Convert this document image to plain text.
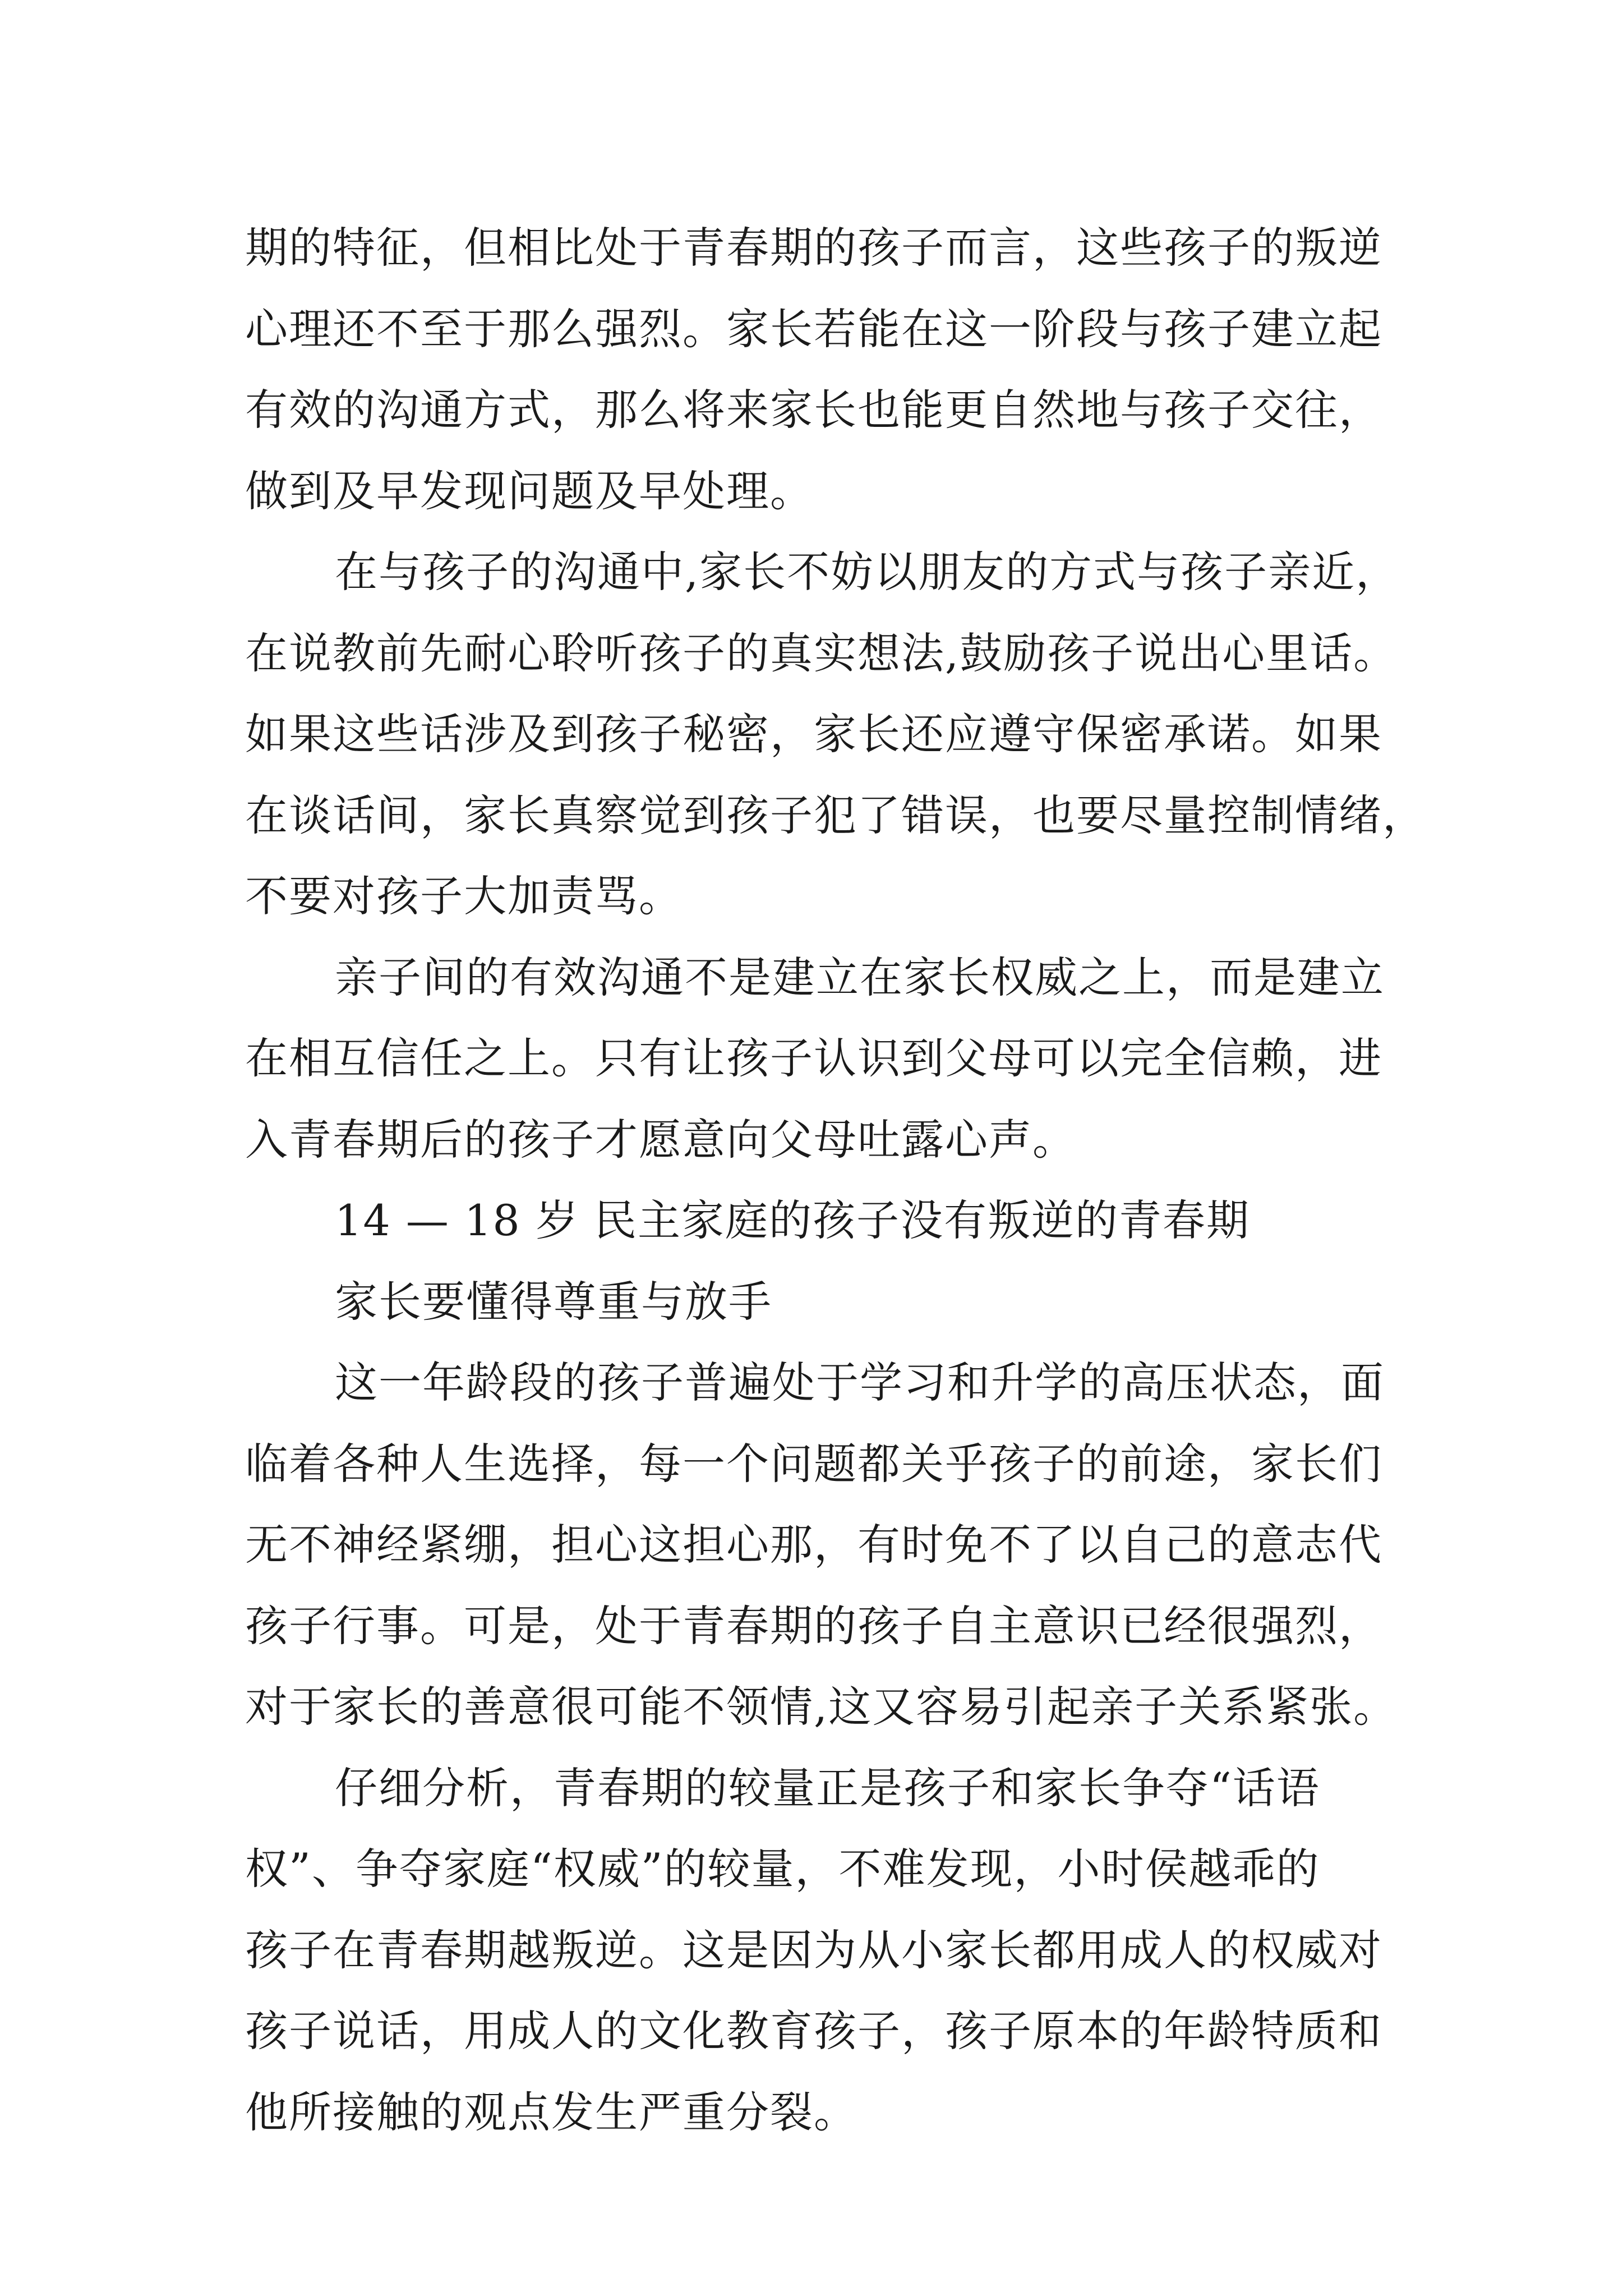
期的特征，但相比处于青春期的孩子而言，这些孩子的叛逆
心理还不至于那么强烈。家长若能在这一阶段与孩子建立起
有效的沟通方式，那么将来家长也能更自然地与孩子交往，
做到及早发现问题及早处理。
在与孩子的沟通中,家长不妨以朋友的方式与孩子亲近，
在说教前先耐心聆听孩子的真实想法,鼓励孩子说出心里话。
如果这些话涉及到孩子秘密，家长还应遵守保密承诺。如果
在谈话间，家长真察觉到孩子犯了错误，也要尽量控制情绪，
不要对孩子大加责骂。
亲子间的有效沟通不是建立在家长权威之上，而是建立
在相互信任之上。只有让孩子认识到父母可以完全信赖，进
入青春期后的孩子才愿意向父母吐露心声。
14 — 18 岁 民主家庭的孩子没有叛逆的青春期
家长要懂得尊重与放手
这一年龄段的孩子普遍处于学习和升学的高压状态，面
临着各种人生选择，每一个问题都关乎孩子的前途，家长们
无不神经紧绷，担心这担心那，有时免不了以自己的意志代
孩子行事。可是，处于青春期的孩子自主意识已经很强烈，
对于家长的善意很可能不领情,这又容易引起亲子关系紧张。
仔细分析，青春期的较量正是孩子和家长争夺“话语
权”、争夺家庭“权威”的较量，不难发现，小时侯越乖的
孩子在青春期越叛逆。这是因为从小家长都用成人的权威对
孩子说话，用成人的文化教育孩子，孩子原本的年龄特质和
他所接触的观点发生严重分裂。
